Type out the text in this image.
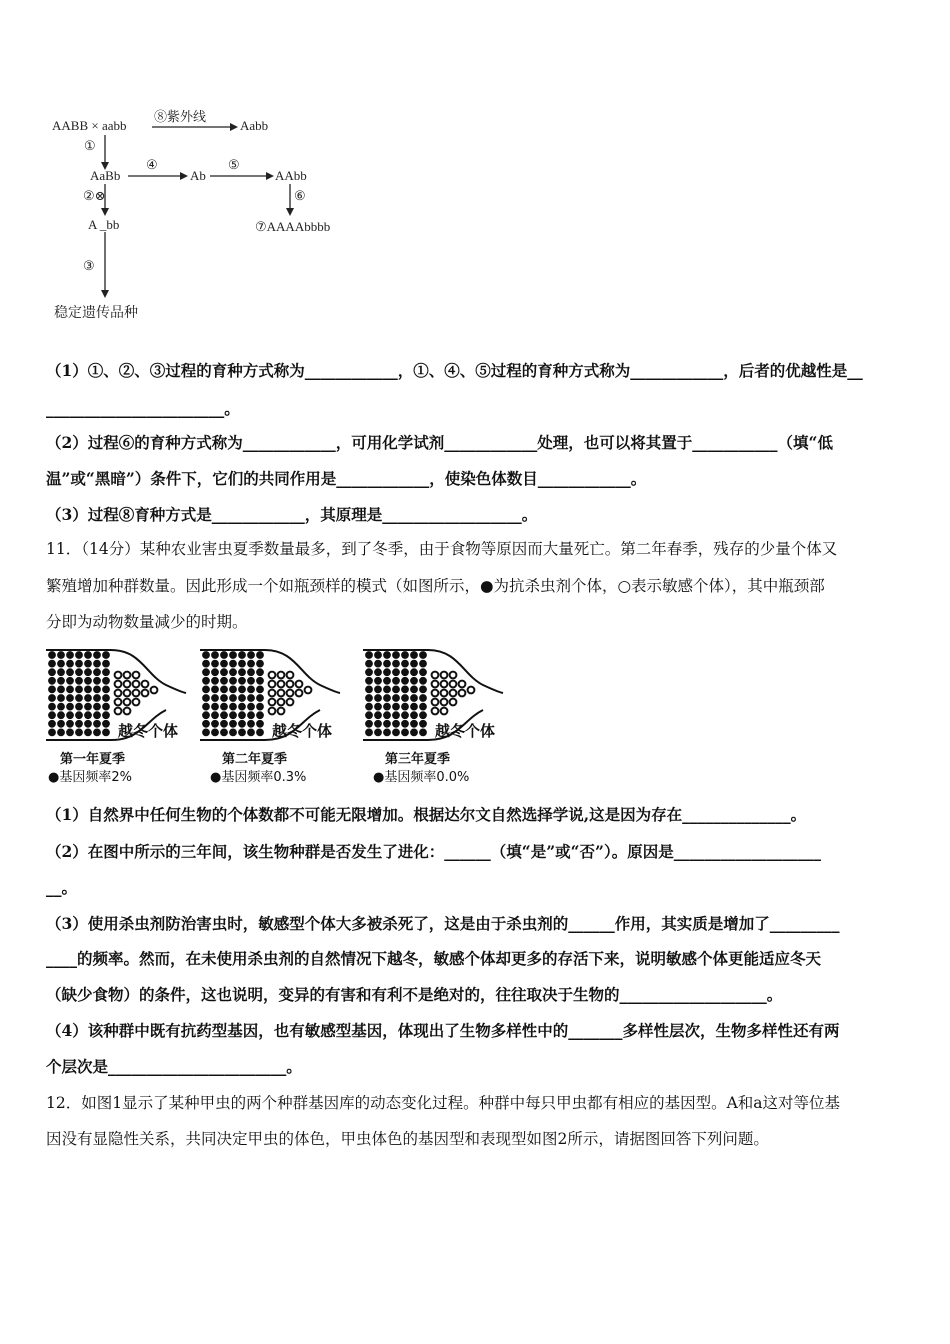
AABB × aabb
⑧紫外线
Aabb
①
AaBb
④
Ab
⑤
AAbb
②⊗	⑥
A _bb	⑦AAAAbbbb
③
稳定遗传品种
（1）①、②、③过程的育种方式称为____________，①、④、⑤过程的育种方式称为____________，后者的优越性是__
_______________________。
（2）过程⑥的育种方式称为____________，可用化学试剂____________处理，也可以将其置于___________（填“低
温”或“黑暗”）条件下，它们的共同作用是____________，使染色体数目____________。
（3）过程⑧育种方式是____________，其原理是__________________。
11．（14分）某种农业害虫夏季数量最多，到了冬季，由于食物等原因而大量死亡。第二年春季，残存的少量个体又
繁殖增加种群数量。因此形成一个如瓶颈样的模式（如图所示，●为抗杀虫剂个体，○表示敏感个体），其中瓶颈部
分即为动物数量减少的时期。
越冬个体
第一年夏季
●基因频率2%
越冬个体
第二年夏季
●基因频率0.3%
越冬个体
第三年夏季
●基因频率0.0%
（1）自然界中任何生物的个体数都不可能无限增加。根据达尔文自然选择学说,这是因为存在______________。
（2）在图中所示的三年间，该生物种群是否发生了进化：______（填“是”或“否”）。原因是___________________
__。
（3）使用杀虫剂防治害虫时，敏感型个体大多被杀死了，这是由于杀虫剂的______作用，其实质是增加了_________
____的频率。然而，在未使用杀虫剂的自然情况下越冬，敏感个体却更多的存活下来，说明敏感个体更能适应冬天
（缺少食物）的条件，这也说明，变异的有害和有利不是绝对的，往往取决于生物的___________________。
（4）该种群中既有抗药型基因，也有敏感型基因，体现出了生物多样性中的_______多样性层次，生物多样性还有两
个层次是_______________________。
12．如图1显示了某种甲虫的两个种群基因库的动态变化过程。种群中每只甲虫都有相应的基因型。A和a这对等位基
因没有显隐性关系，共同决定甲虫的体色，甲虫体色的基因型和表现型如图2所示，请据图回答下列问题。
